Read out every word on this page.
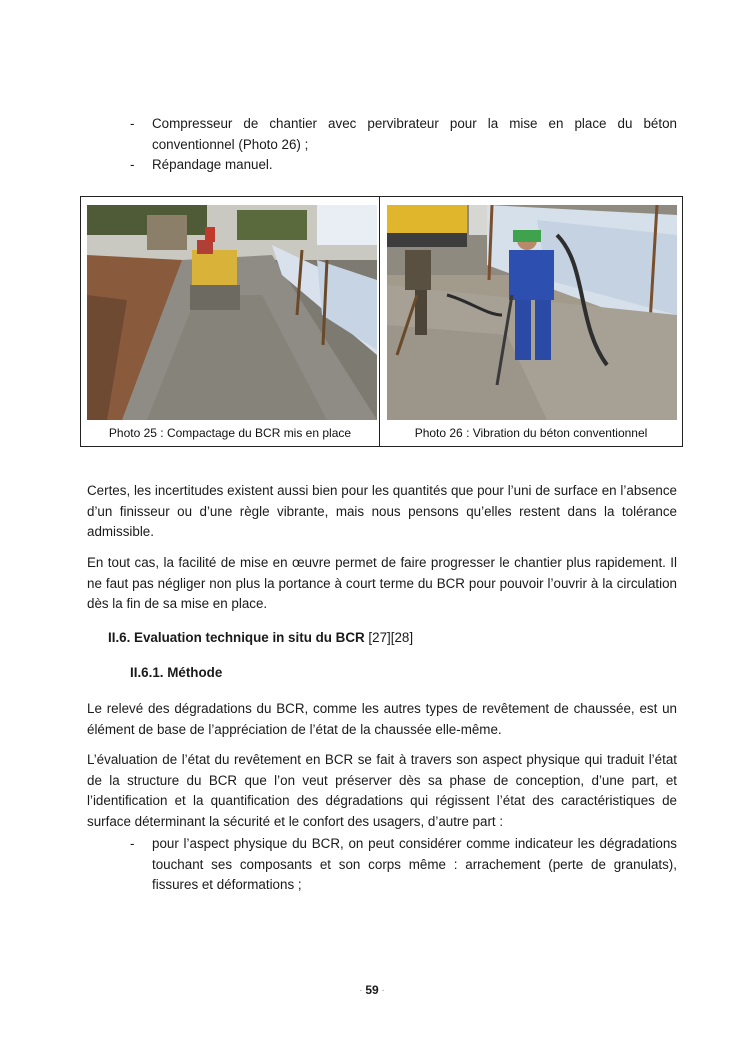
- Compresseur de chantier avec pervibrateur pour la mise en place du béton conventionnel (Photo 26) ;
- Répandage manuel.
Photo 25 : Compactage du BCR mis en place	Photo 26 : Vibration du béton conventionnel
Certes, les incertitudes existent aussi bien pour les quantités que pour l’uni de surface en l’absence d’un finisseur ou d’une règle vibrante, mais nous pensons qu’elles restent dans la tolérance admissible.
En tout cas, la facilité de mise en œuvre permet de faire progresser le chantier plus rapidement. Il ne faut pas négliger non plus la portance à court terme du BCR pour pouvoir l’ouvrir à la circulation dès la fin de sa mise en place.
II.6. Evaluation technique in situ du BCR [27][28]
II.6.1. Méthode
Le relevé des dégradations du BCR, comme les autres types de revêtement de chaussée, est un élément de base de l’appréciation de l’état de la chaussée elle-même.
L’évaluation de l’état du revêtement en BCR se fait à travers son aspect physique qui traduit l’état de la structure du BCR que l’on veut préserver dès sa phase de conception, d’une part, et l’identification et la quantification des dégradations qui régissent l’état des caractéristiques de surface déterminant la sécurité et le confort des usagers, d’autre part :
- pour l’aspect physique du BCR, on peut considérer comme indicateur les dégradations touchant ses composants et son corps même : arrachement (perte de granulats), fissures et déformations ;
- 59 -
